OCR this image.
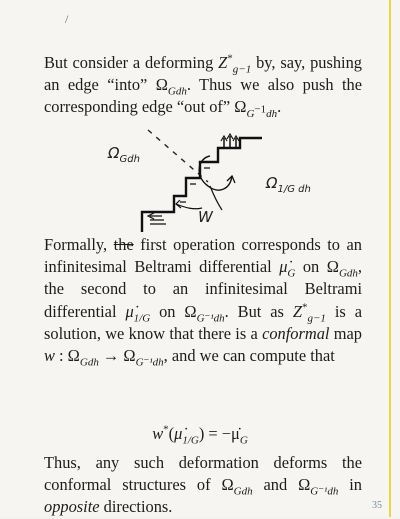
/
But consider a deforming $Z^*_{g-1}$ by, say, pushing an edge “into” $\Omega_{Gdh}$. Thus we also push the corresponding edge “out of” $\Omega_{G^{-1}dh}$.
$\Omega_{Gdh}$
$\Omega_{1/G dh}$
W
Formally, the first operation corresponds to an infinitesimal Beltrami differential $\mu̇_G$ on $\Omega_{Gdh}$, the second to an infinitesimal Beltrami differential $\mu̇_{1/G}$ on $\Omega_{G^{-1}dh}$. But as $Z^*_{g-1}$ is a solution, we know that there is a conformal map w : $\Omega_{Gdh} \to \Omega_{G^{-1}dh}$, and we can compute that
$w^*(\mu̇_{1/G})$ = $-\mu̇_G$
Thus, any such deformation deforms the conformal structures of $\Omega_{Gdh}$ and $\Omega_{G^{-1}dh}$ in opposite directions.	35
